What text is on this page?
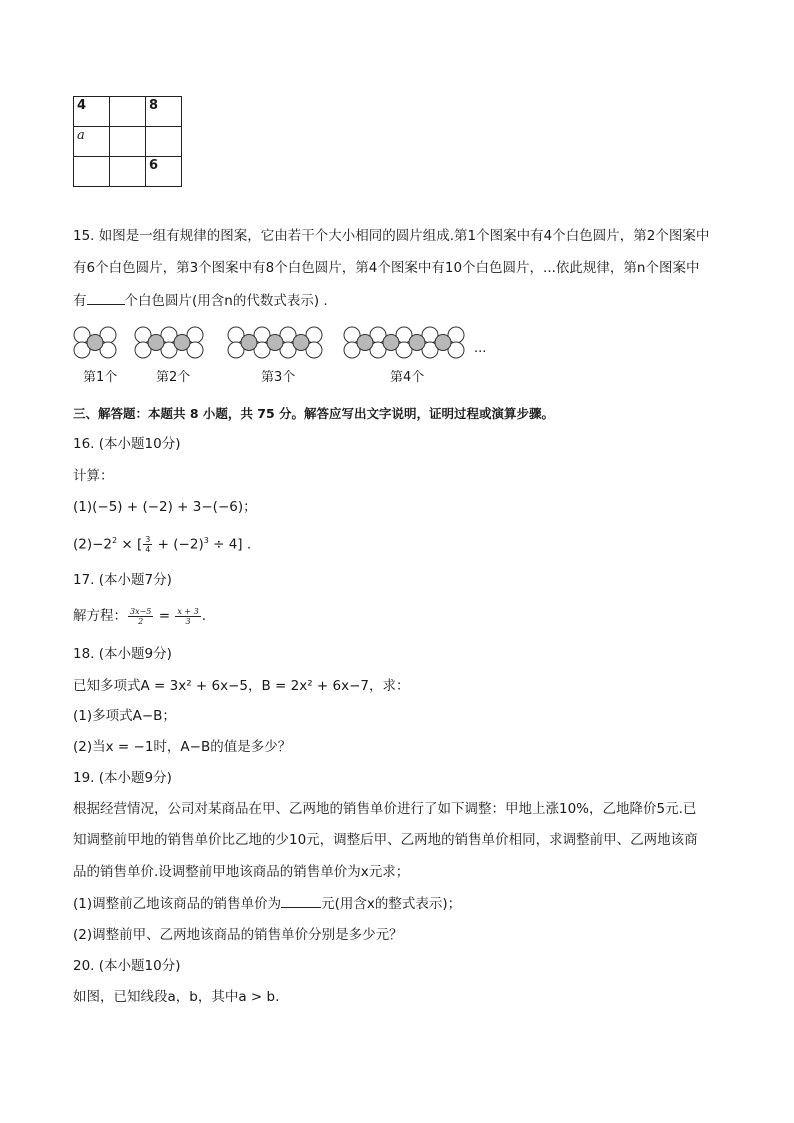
4		8
a		
		6
15. 如图是一组有规律的图案，它由若干个大小相同的圆片组成.第1个图案中有4个白色圆片，第2个图案中
有6个白色圆片，第3个图案中有8个白色圆片，第4个图案中有10个白色圆片，...依此规律，第n个图案中
有	个白色圆片(用含n的代数式表示) .
...
第1个	第2个	第3个	第4个
三、解答题：本题共 8 小题，共 75 分。解答应写出文字说明，证明过程或演算步骤。
16. (本小题10分)
计算：
(1)(−5) + (−2) + 3−(−6)；
$(2)-2^2$ × [ $\frac{3}{4} + (-2)^3 \div 4$] .
17. (本小题7分)
解方程： $\frac{3x-5}{2} = \frac{x + 3}{3}$ .
18. (本小题9分)
已知多项式A = 3x² + 6x−5，B = 2x² + 6x−7，求：
(1)多项式A−B；
(2)当x = −1时，A−B的值是多少？
19. (本小题9分)
根据经营情况，公司对某商品在甲、乙两地的销售单价进行了如下调整：甲地上涨10%，乙地降价5元.已
知调整前甲地的销售单价比乙地的少10元，调整后甲、乙两地的销售单价相同，求调整前甲、乙两地该商
品的销售单价.设调整前甲地该商品的销售单价为x元求；
(1)调整前乙地该商品的销售单价为	元(用含x的整式表示)；
(2)调整前甲、乙两地该商品的销售单价分别是多少元？
20. (本小题10分)
如图，已知线段a，b，其中a > b.
